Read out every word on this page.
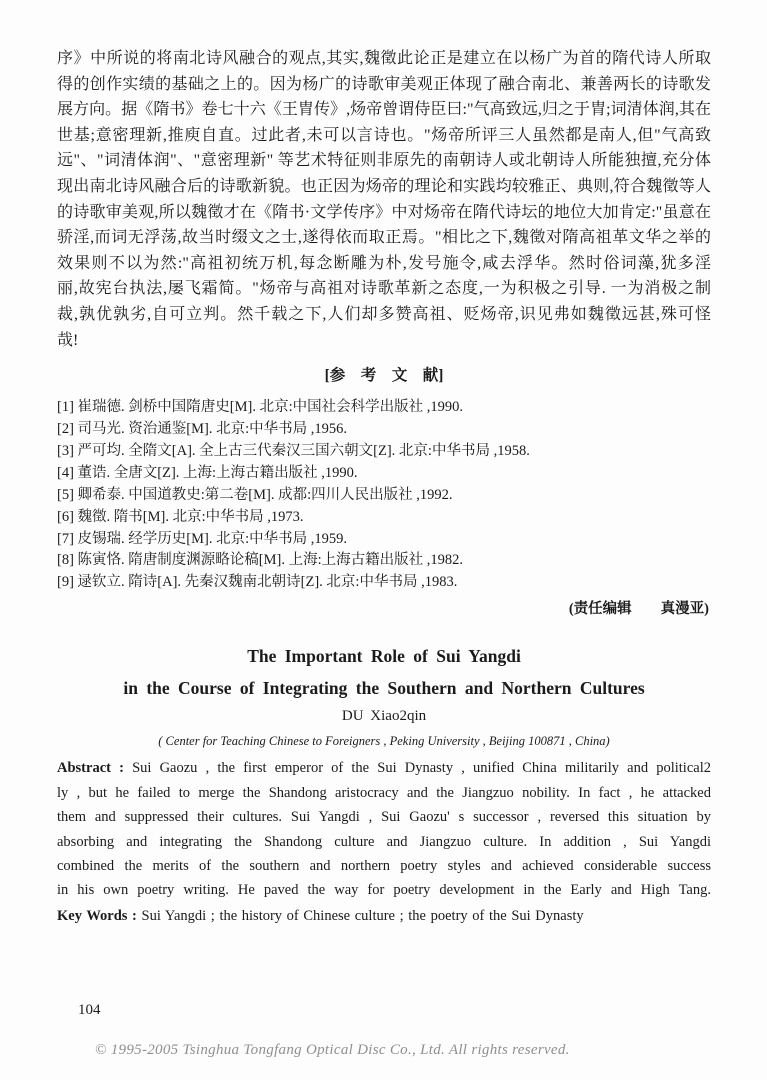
序》中所说的将南北诗风融合的观点,其实,魏徵此论正是建立在以杨广为首的隋代诗人所取
得的创作实绩的基础之上的。因为杨广的诗歌审美观正体现了融合南北、兼善两长的诗歌发
展方向。据《隋书》卷七十六《王胄传》,炀帝曾谓侍臣曰:"气高致远,归之于胄;词清体润,其在
世基;意密理新,推庾自直。过此者,未可以言诗也。"炀帝所评三人虽然都是南人,但"气高致
远"、"词清体润"、"意密理新" 等艺术特征则非原先的南朝诗人或北朝诗人所能独擅,充分体
现出南北诗风融合后的诗歌新貌。也正因为炀帝的理论和实践均较雅正、典则,符合魏徵等人
的诗歌审美观,所以魏徵才在《隋书·文学传序》中对炀帝在隋代诗坛的地位大加肯定:"虽意在
骄淫,而词无浮荡,故当时缀文之士,遂得依而取正焉。"相比之下,魏徵对隋高祖革文华之举的
效果则不以为然:"高祖初统万机,每念断雕为朴,发号施令,咸去浮华。然时俗词藻,犹多淫
丽,故宪台执法,屡飞霜简。"炀帝与高祖对诗歌革新之态度,一为积极之引导. 一为消极之制
裁,孰优孰劣,自可立判。然千载之下,人们却多赞高祖、贬炀帝,识见弗如魏徵远甚,殊可怪
哉!
[参　考　文　献]
[1] 崔瑞德. 剑桥中国隋唐史[M]. 北京:中国社会科学出版社 ,1990.
[2] 司马光. 资治通鉴[M]. 北京:中华书局 ,1956.
[3] 严可均. 全隋文[A]. 全上古三代秦汉三国六朝文[Z]. 北京:中华书局 ,1958.
[4] 董诰. 全唐文[Z]. 上海:上海古籍出版社 ,1990.
[5] 卿希泰. 中国道教史:第二卷[M]. 成都:四川人民出版社 ,1992.
[6] 魏徵. 隋书[M]. 北京:中华书局 ,1973.
[7] 皮锡瑞. 经学历史[M]. 北京:中华书局 ,1959.
[8] 陈寅恪. 隋唐制度渊源略论稿[M]. 上海:上海古籍出版社 ,1982.
[9] 逯钦立. 隋诗[A]. 先秦汉魏南北朝诗[Z]. 北京:中华书局 ,1983.
(责任编辑　　真漫亚)
The Important Role of Sui Yangdi
in the Course of Integrating the Southern and Northern Cultures
DU Xiao2qin
( Center for Teaching Chinese to Foreigners , Peking University , Beijing 100871 , China)
Abstract : Sui Gaozu , the first emperor of the Sui Dynasty , unified China militarily and political2
ly , but he failed to merge the Shandong aristocracy and the Jiangzuo nobility. In fact , he attacked
them and suppressed their cultures. Sui Yangdi , Sui Gaozu' s successor , reversed this situation by
absorbing and integrating the Shandong culture and Jiangzuo culture. In addition , Sui Yangdi
combined the merits of the southern and northern poetry styles and achieved considerable success
in his own poetry writing. He paved the way for poetry development in the Early and High Tang.
Key Words : Sui Yangdi ; the history of Chinese culture ; the poetry of the Sui Dynasty
104
© 1995-2005 Tsinghua Tongfang Optical Disc Co., Ltd. All rights reserved.
